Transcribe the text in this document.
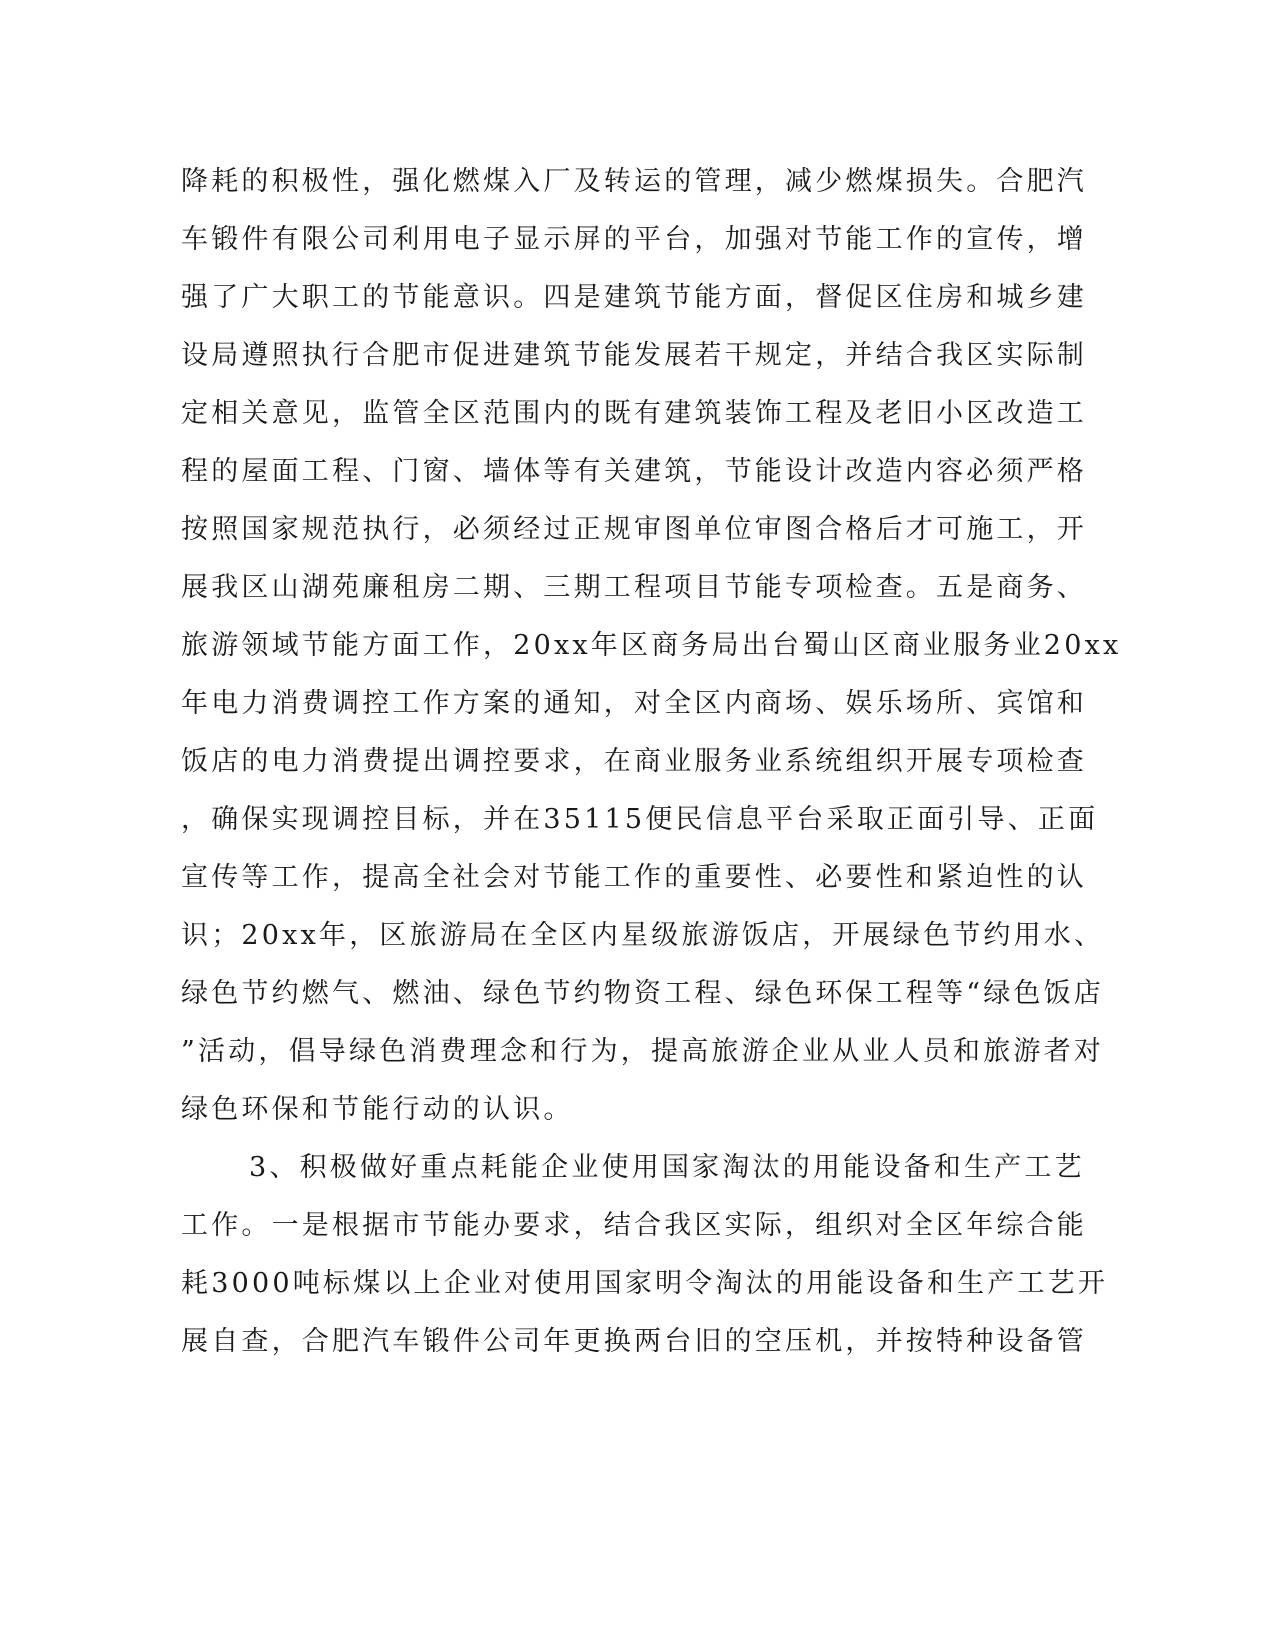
降耗的积极性，强化燃煤入厂及转运的管理，减少燃煤损失。合肥汽
车锻件有限公司利用电子显示屏的平台，加强对节能工作的宣传，增
强了广大职工的节能意识。四是建筑节能方面，督促区住房和城乡建
设局遵照执行合肥市促进建筑节能发展若干规定，并结合我区实际制
定相关意见，监管全区范围内的既有建筑装饰工程及老旧小区改造工
程的屋面工程、门窗、墙体等有关建筑，节能设计改造内容必须严格
按照国家规范执行，必须经过正规审图单位审图合格后才可施工，开
展我区山湖苑廉租房二期、三期工程项目节能专项检查。五是商务、
旅游领域节能方面工作，20xx年区商务局出台蜀山区商业服务业20xx
年电力消费调控工作方案的通知，对全区内商场、娱乐场所、宾馆和
饭店的电力消费提出调控要求，在商业服务业系统组织开展专项检查
，确保实现调控目标，并在35115便民信息平台采取正面引导、正面
宣传等工作，提高全社会对节能工作的重要性、必要性和紧迫性的认
识；20xx年，区旅游局在全区内星级旅游饭店，开展绿色节约用水、
绿色节约燃气、燃油、绿色节约物资工程、绿色环保工程等“绿色饭店
”活动，倡导绿色消费理念和行为，提高旅游企业从业人员和旅游者对
绿色环保和节能行动的认识。
3、积极做好重点耗能企业使用国家淘汰的用能设备和生产工艺
工作。一是根据市节能办要求，结合我区实际，组织对全区年综合能
耗3000吨标煤以上企业对使用国家明令淘汰的用能设备和生产工艺开
展自查，合肥汽车锻件公司年更换两台旧的空压机，并按特种设备管
